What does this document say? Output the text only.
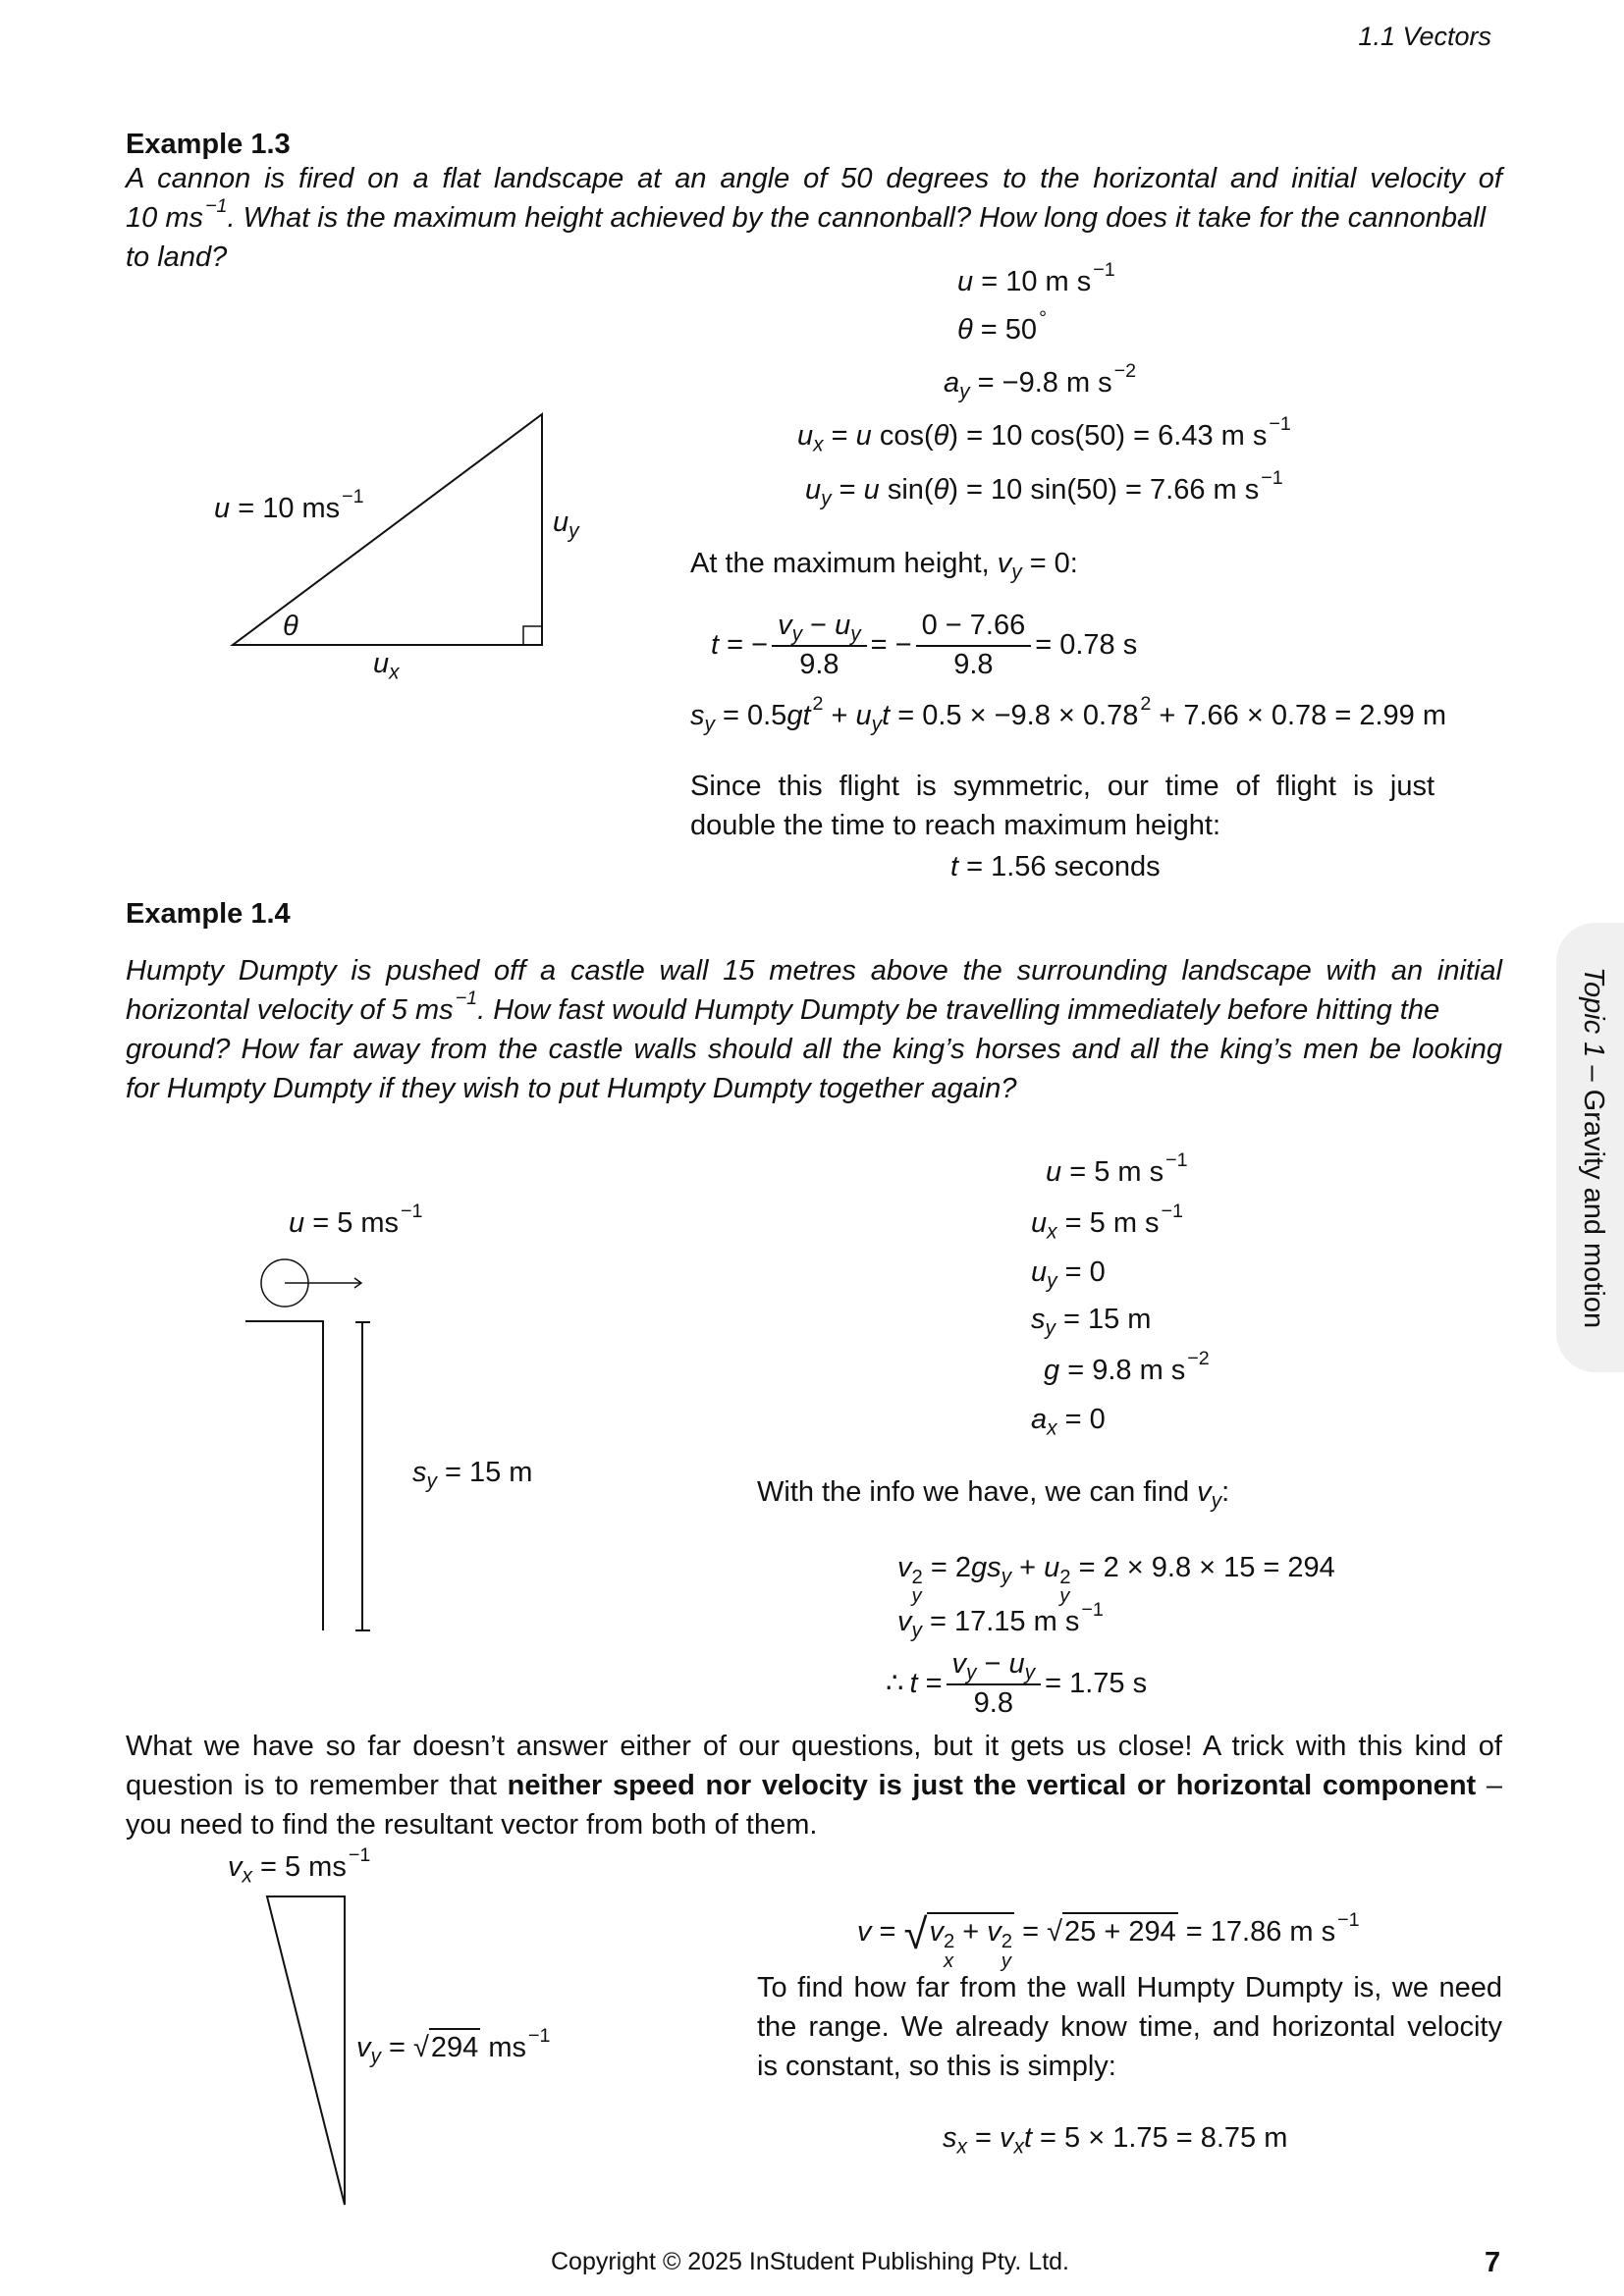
1.1 Vectors
Topic 1 – Gravity and motion
Example 1.3
A cannon is fired on a flat landscape at an angle of 50 degrees to the horizontal and initial velocity of
10 ms $^{-1}$. What is the maximum height achieved by the cannonball? How long does it take for the cannonball
to land?
u = 10 ms $^{-1}$
θ
$u_x$
$u_y$
u = 10 m s $^{-1}$
θ = 50 °
$a_y = -9.8$ m s $^{-2}$
$u_x = u$ cos(θ) = 10 cos(50) = 6.43 m s $^{-1}$
$u_y = u$ sin(θ) = 10 sin(50) = 7.66 m s $^{-1}$
At the maximum height, $v_y = 0$:
t = − $\frac{v_y - u_y}{9.8}$ = − $\frac{0 - 7.66}{9.8} = 0.78$ s
$s_y = 0.5gt$ $^2 + u_yt = 0.5 \times -9.8 \times 0.78$ $^2$ + 7.66 × 0.78 = 2.99 m
Since this flight is symmetric, our time of flight is just
double the time to reach maximum height:
t = 1.56 seconds
Example 1.4
Humpty Dumpty is pushed off a castle wall 15 metres above the surrounding landscape with an initial
horizontal velocity of 5 ms $^{-1}$. How fast would Humpty Dumpty be travelling immediately before hitting the
ground? How far away from the castle walls should all the king’s horses and all the king’s men be looking
for Humpty Dumpty if they wish to put Humpty Dumpty together again?
u = 5 ms $^{-1}$
$s_y = 15$ m
u = 5 m s $^{-1}$
$u_x = 5$ m s $^{-1}$
$u_y = 0$
$s_y = 15$ m
g = 9.8 m s $^{-2}$
$a_x = 0$
With the info we have, we can find $v_y$:
v 2
y
= $2gs_y + u$ 2
y
= 2 × 9.8 × 15 = 294
$v_y = 17.15$ m s $^{-1}$
∴ $t = \frac{v_y - u_y}{9.8} = 1.75$ s
What we have so far doesn’t answer either of our questions, but it gets us close! A trick with this kind of
question is to remember that neither speed nor velocity is just the vertical or horizontal component –
you need to find the resultant vector from both of them.
$v_x = 5$ ms $^{-1}$
$v_y = √294$ ms $^{-1}$
v = √v 2
x
+ v 2
y
= √25 + 294 = 17.86 m s $^{-1}$
To find how far from the wall Humpty Dumpty is, we need
the range. We already know time, and horizontal velocity
is constant, so this is simply:
$s_x = v_xt = 5 \times 1.75 = 8.75$ m
Copyright © 2025 InStudent Publishing Pty. Ltd.	7
